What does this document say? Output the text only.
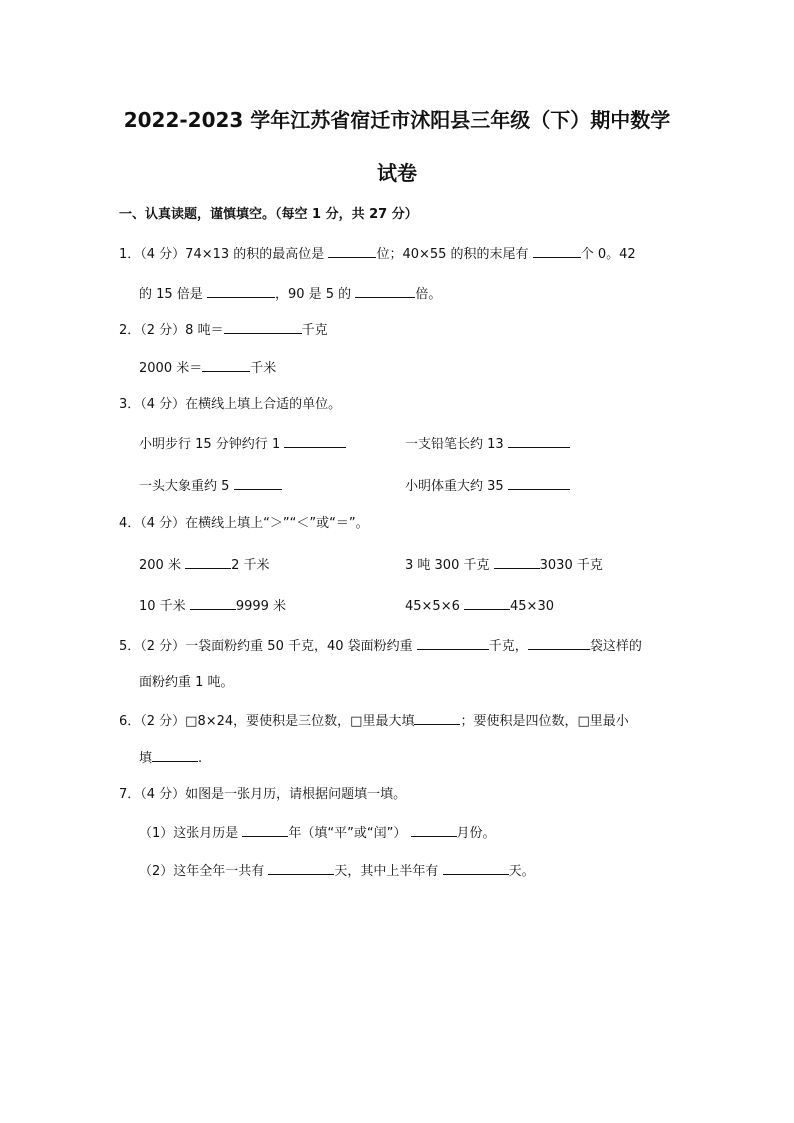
2022-2023 学年江苏省宿迁市沭阳县三年级（下）期中数学
试卷
一、认真读题，谨慎填空。（每空 1 分，共 27 分）
1．（4 分）74×13 的积的最高位是	位；40×55 的积的末尾有	个 0。42
的 15 倍是	，90 是 5 的	倍。
2．（2 分）8 吨＝	千克
2000 米＝	千米
3．（4 分）在横线上填上合适的单位。
小明步行 15 分钟约行 1	一支铅笔长约 13
一头大象重约 5	小明体重大约 35
4．（4 分）在横线上填上“＞”“＜”或“＝”。
200 米	2 千米	3 吨 300 千克	3030 千克
10 千米	9999 米	45×5×6	45×30
5．（2 分）一袋面粉约重 50 千克，40 袋面粉约重	千克，	袋这样的
面粉约重 1 吨。
6．（2 分）□8×24，要使积是三位数，□里最大填	；要使积是四位数，□里最小
填	.
7．（4 分）如图是一张月历，请根据问题填一填。
（1）这张月历是	年（填“平”或“闰”）	月份。
（2）这年全年一共有	天，其中上半年有	天。
